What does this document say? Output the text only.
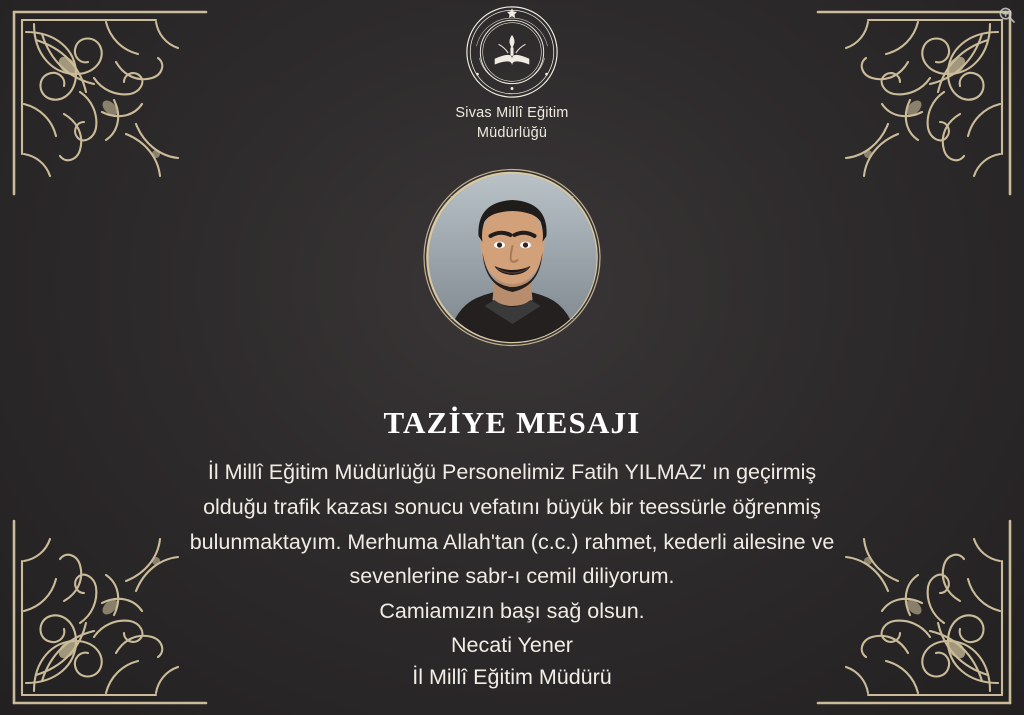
Sivas Millî Eğitim
Müdürlüğü
TAZİYE MESAJI

İl Millî Eğitim Müdürlüğü Personelimiz Fatih YILMAZ' ın geçirmiş

olduğu trafik kazası sonucu vefatını büyük bir teessürle öğrenmiş

bulunmaktayım. Merhuma Allah'tan (c.c.) rahmet, kederli ailesine ve

sevenlerine sabr-ı cemil diliyorum.

Camiamızın başı sağ olsun.

Necati Yener

İl Millî Eğitim Müdürü
